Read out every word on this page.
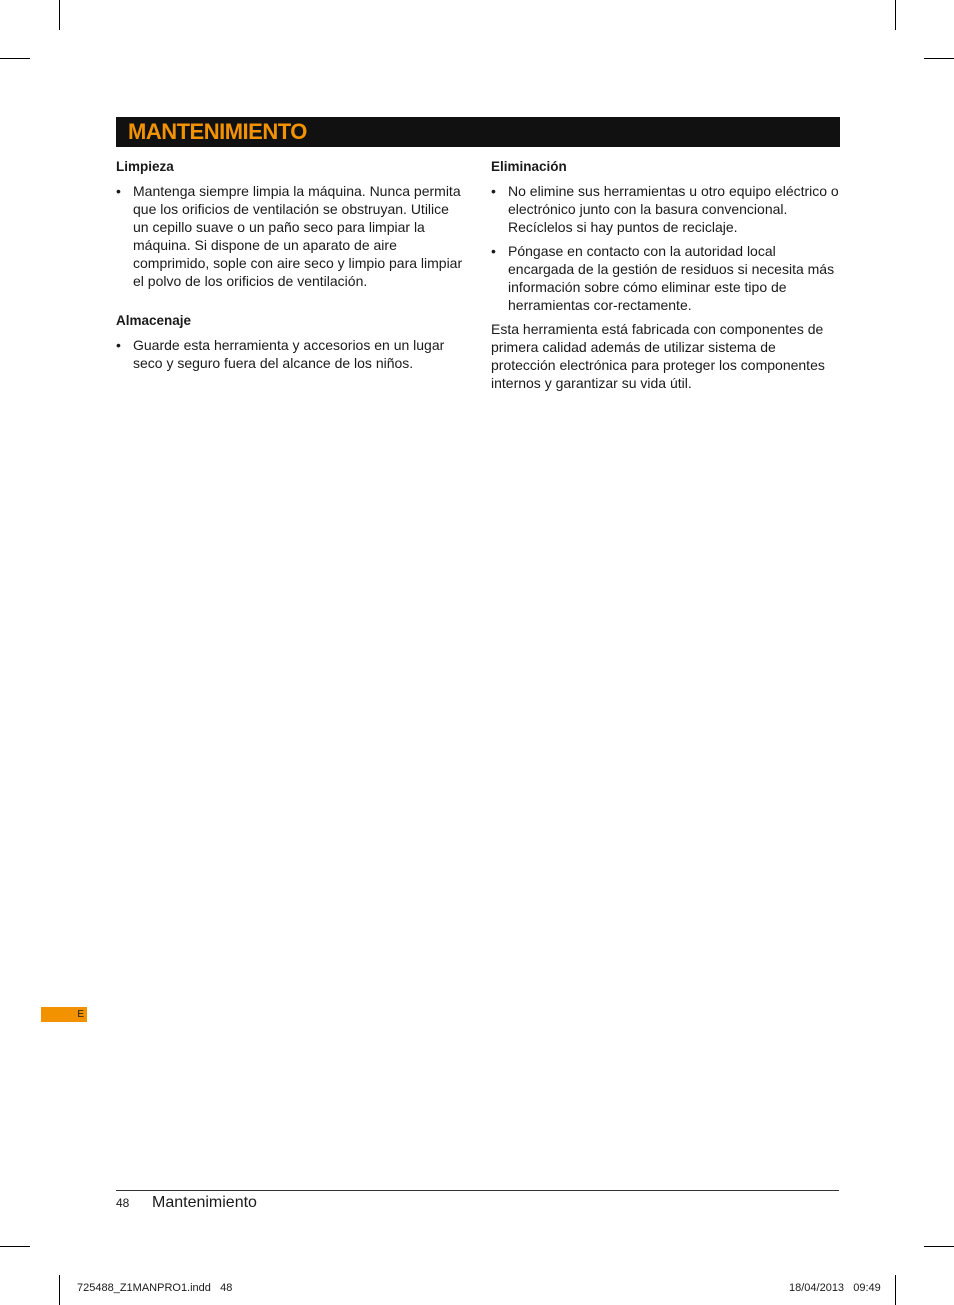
MANTENIMIENTO
Limpieza
• Mantenga siempre limpia la máquina. Nunca permita que los orificios de ventilación se obstruyan. Utilice un cepillo suave o un paño seco para limpiar la máquina. Si dispone de un aparato de aire comprimido, sople con aire seco y limpio para limpiar el polvo de los orificios de ventilación.
Almacenaje
• Guarde esta herramienta y accesorios en un lugar seco y seguro fuera del alcance de los niños.
Eliminación
• No elimine sus herramientas u otro equipo eléctrico o electrónico junto con la basura convencional. Recíclelos si hay puntos de reciclaje.
• Póngase en contacto con la autoridad local encargada de la gestión de residuos si necesita más información sobre cómo eliminar este tipo de herramientas cor-rectamente.

Esta herramienta está fabricada con componentes de primera calidad además de utilizar sistema de protección electrónica para proteger los componentes internos y garantizar su vida útil.

E
48 Mantenimiento
725488_Z1MANPRO1.indd   48	18/04/2013   09:49
